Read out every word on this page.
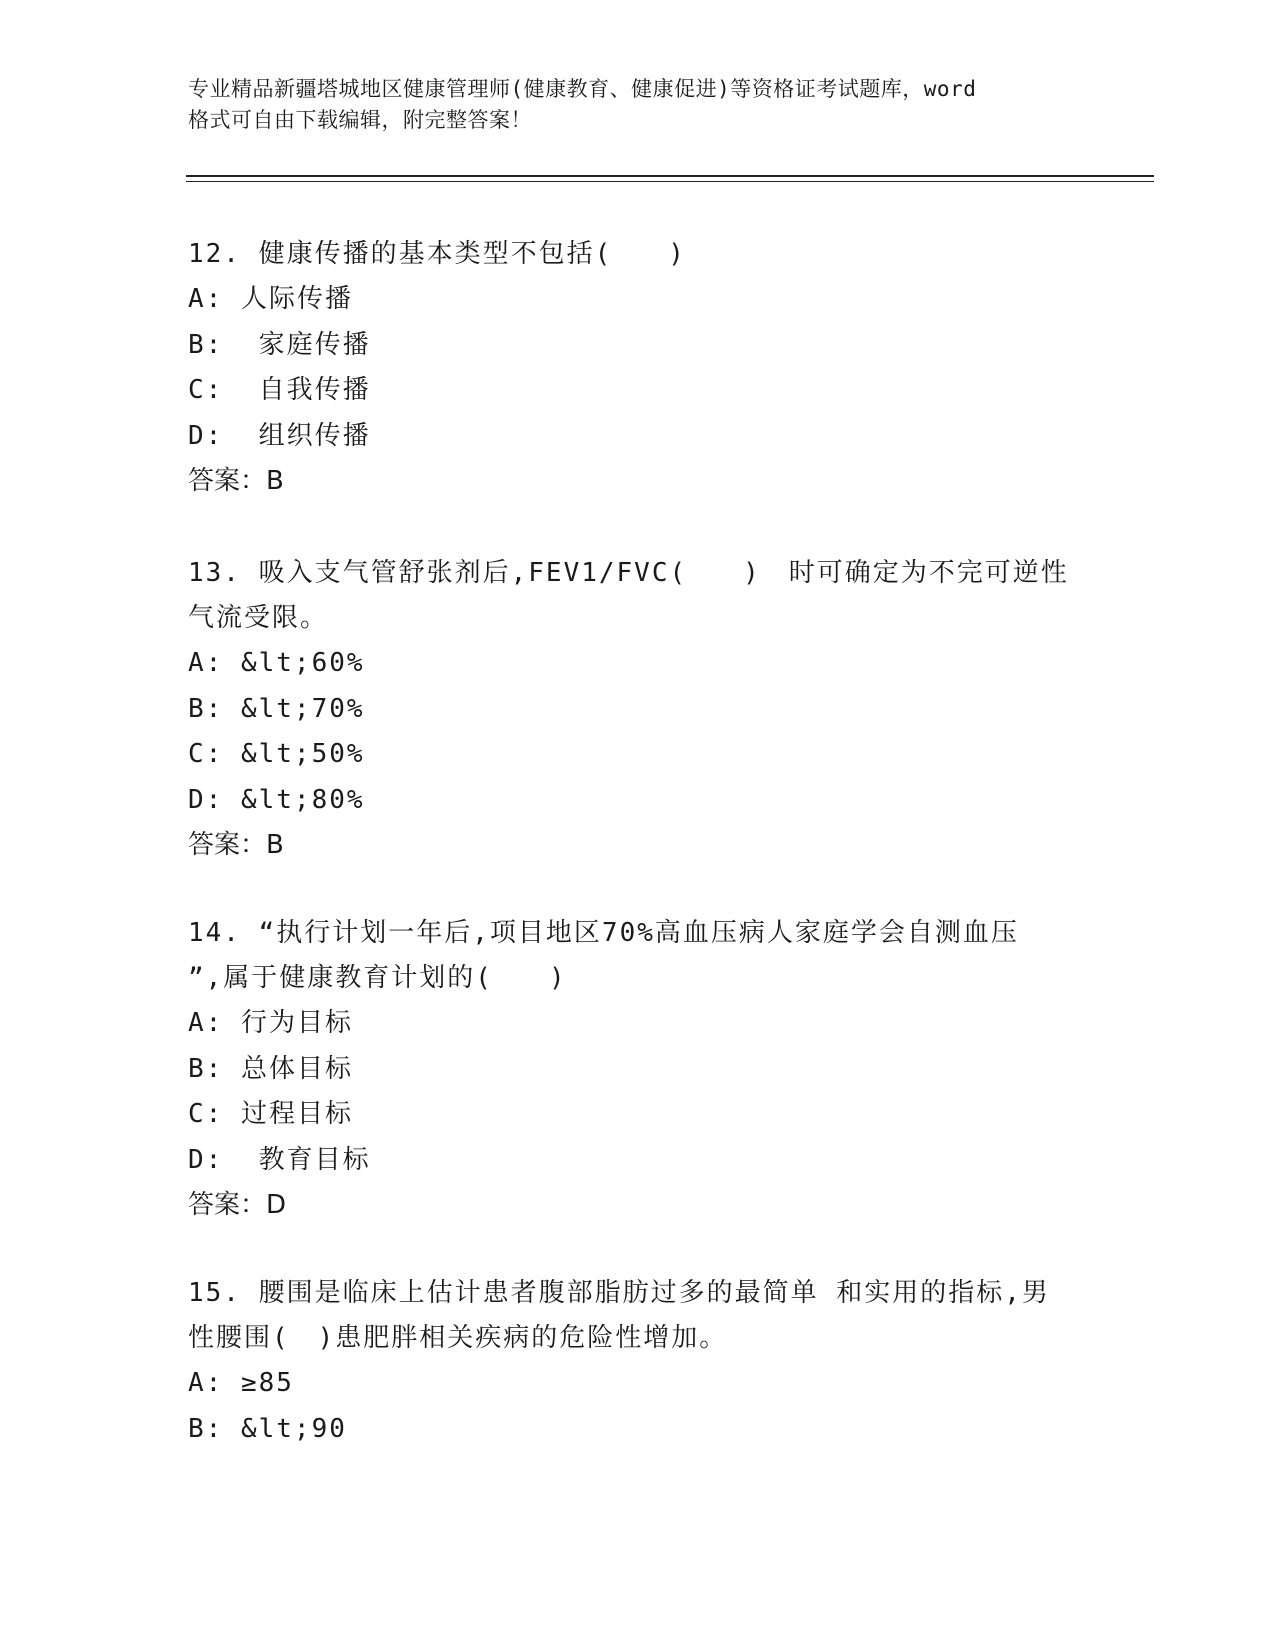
专业精品新疆塔城地区健康管理师(健康教育、健康促进)等资格证考试题库，word
格式可自由下载编辑，附完整答案！
12. 健康传播的基本类型不包括(　　)
A: 人际传播
B:  家庭传播
C:  自我传播
D:  组织传播
答案：B
13. 吸入支气管舒张剂后,FEV1/FVC(　　)　时可确定为不完可逆性
气流受限。
A: &lt;60%
B: &lt;70%
C: &lt;50%
D: &lt;80%
答案：B
14. “执行计划一年后,项目地区70%高血压病人家庭学会自测血压
”,属于健康教育计划的(　　)
A: 行为目标
B: 总体目标
C: 过程目标
D:  教育目标
答案：D
15. 腰围是临床上估计患者腹部脂肪过多的最简单 和实用的指标,男
性腰围(　)患肥胖相关疾病的危险性增加。
A: ≥85
B: &lt;90
